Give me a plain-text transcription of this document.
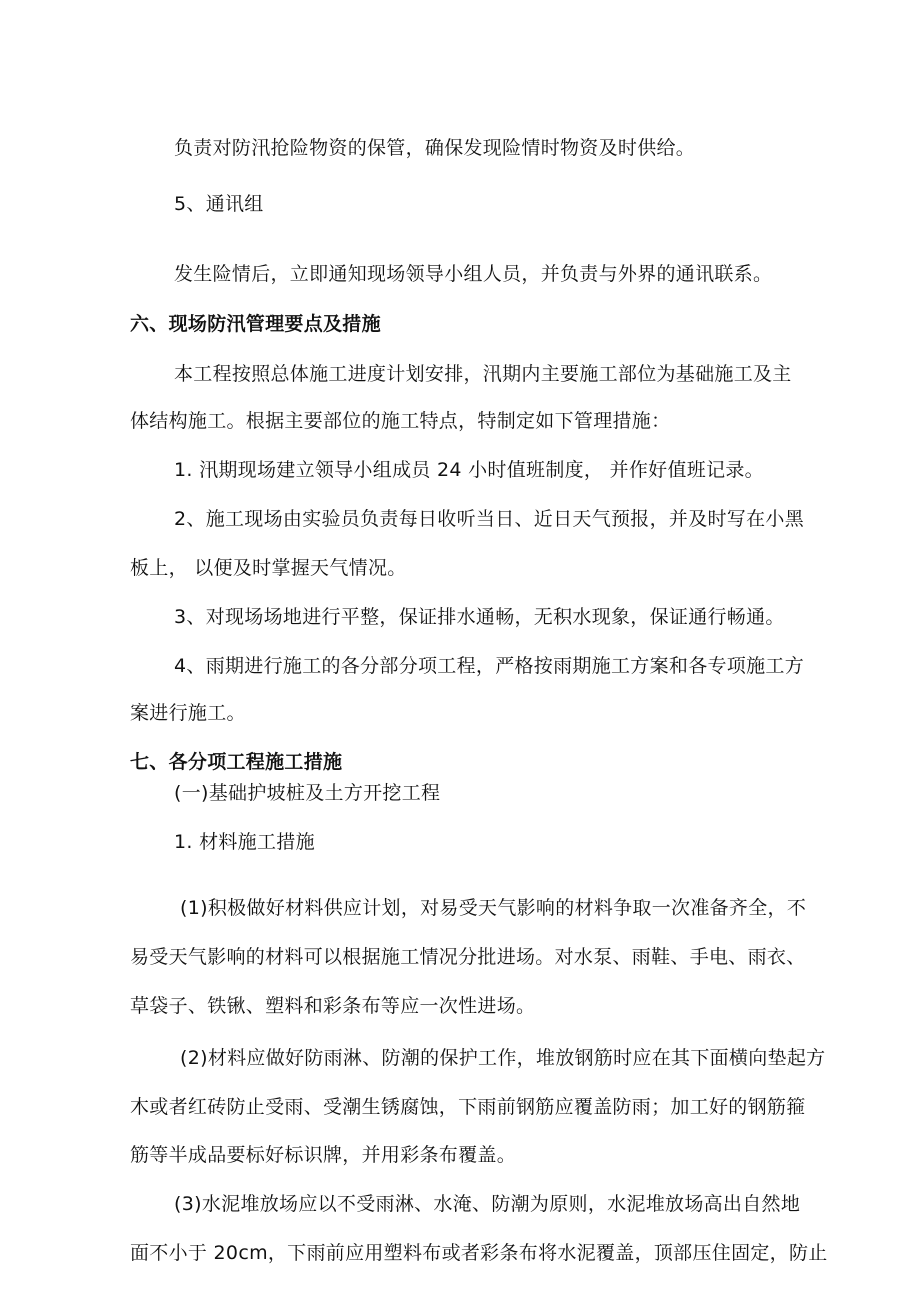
负责对防汛抢险物资的保管，确保发现险情时物资及时供给。

5、通讯组

发生险情后，立即通知现场领导小组人员，并负责与外界的通讯联系。

六、现场防汛管理要点及措施

本工程按照总体施工进度计划安排，汛期内主要施工部位为基础施工及主

体结构施工。根据主要部位的施工特点，特制定如下管理措施：

1. 汛期现场建立领导小组成员 24 小时值班制度， 并作好值班记录。

2、施工现场由实验员负责每日收听当日、近日天气预报，并及时写在小黑

板上， 以便及时掌握天气情况。

3、对现场场地进行平整，保证排水通畅，无积水现象，保证通行畅通。

4、雨期进行施工的各分部分项工程，严格按雨期施工方案和各专项施工方

案进行施工。

七、各分项工程施工措施

(一)基础护坡桩及土方开挖工程

1. 材料施工措施

(1)积极做好材料供应计划，对易受天气影响的材料争取一次准备齐全，不

易受天气影响的材料可以根据施工情况分批进场。对水泵、雨鞋、手电、雨衣、

草袋子、铁锹、塑料和彩条布等应一次性进场。

(2)材料应做好防雨淋、防潮的保护工作，堆放钢筋时应在其下面横向垫起方

木或者红砖防止受雨、受潮生锈腐蚀，下雨前钢筋应覆盖防雨；加工好的钢筋箍

筋等半成品要标好标识牌，并用彩条布覆盖。

(3)水泥堆放场应以不受雨淋、水淹、防潮为原则，水泥堆放场高出自然地

面不小于 20cm，下雨前应用塑料布或者彩条布将水泥覆盖，顶部压住固定，防止
